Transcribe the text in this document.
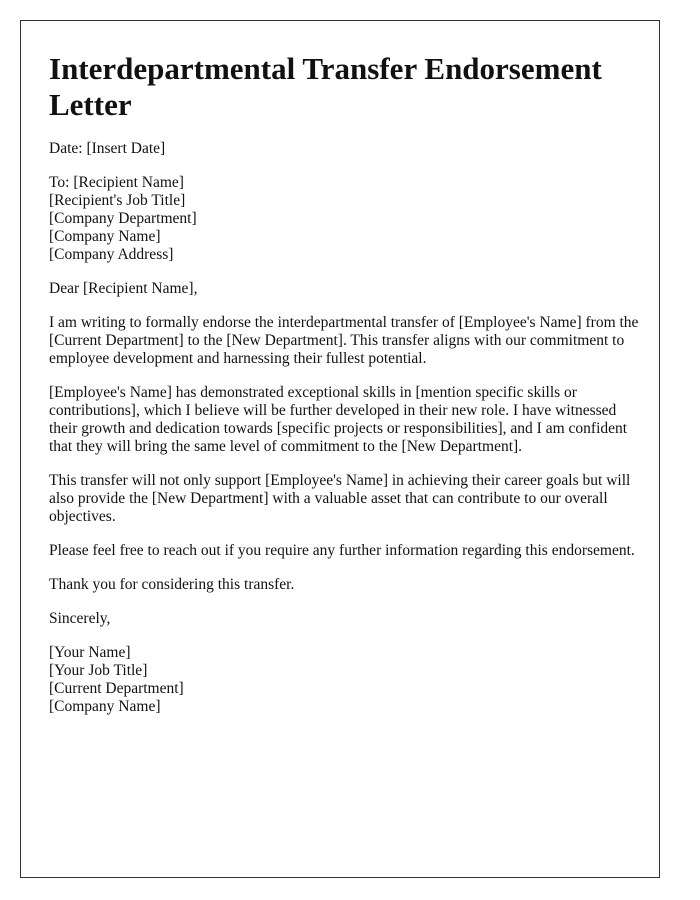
Interdepartmental Transfer Endorsement Letter

Date: [Insert Date]

To: [Recipient Name]
[Recipient's Job Title]
[Company Department]
[Company Name]
[Company Address]

Dear [Recipient Name],

I am writing to formally endorse the interdepartmental transfer of [Employee's Name] from the [Current Department] to the [New Department]. This transfer aligns with our commitment to employee development and harnessing their fullest potential.

[Employee's Name] has demonstrated exceptional skills in [mention specific skills or contributions], which I believe will be further developed in their new role. I have witnessed their growth and dedication towards [specific projects or responsibilities], and I am confident that they will bring the same level of commitment to the [New Department].

This transfer will not only support [Employee's Name] in achieving their career goals but will also provide the [New Department] with a valuable asset that can contribute to our overall objectives.

Please feel free to reach out if you require any further information regarding this endorsement.

Thank you for considering this transfer.

Sincerely,

[Your Name]
[Your Job Title]
[Current Department]
[Company Name]
